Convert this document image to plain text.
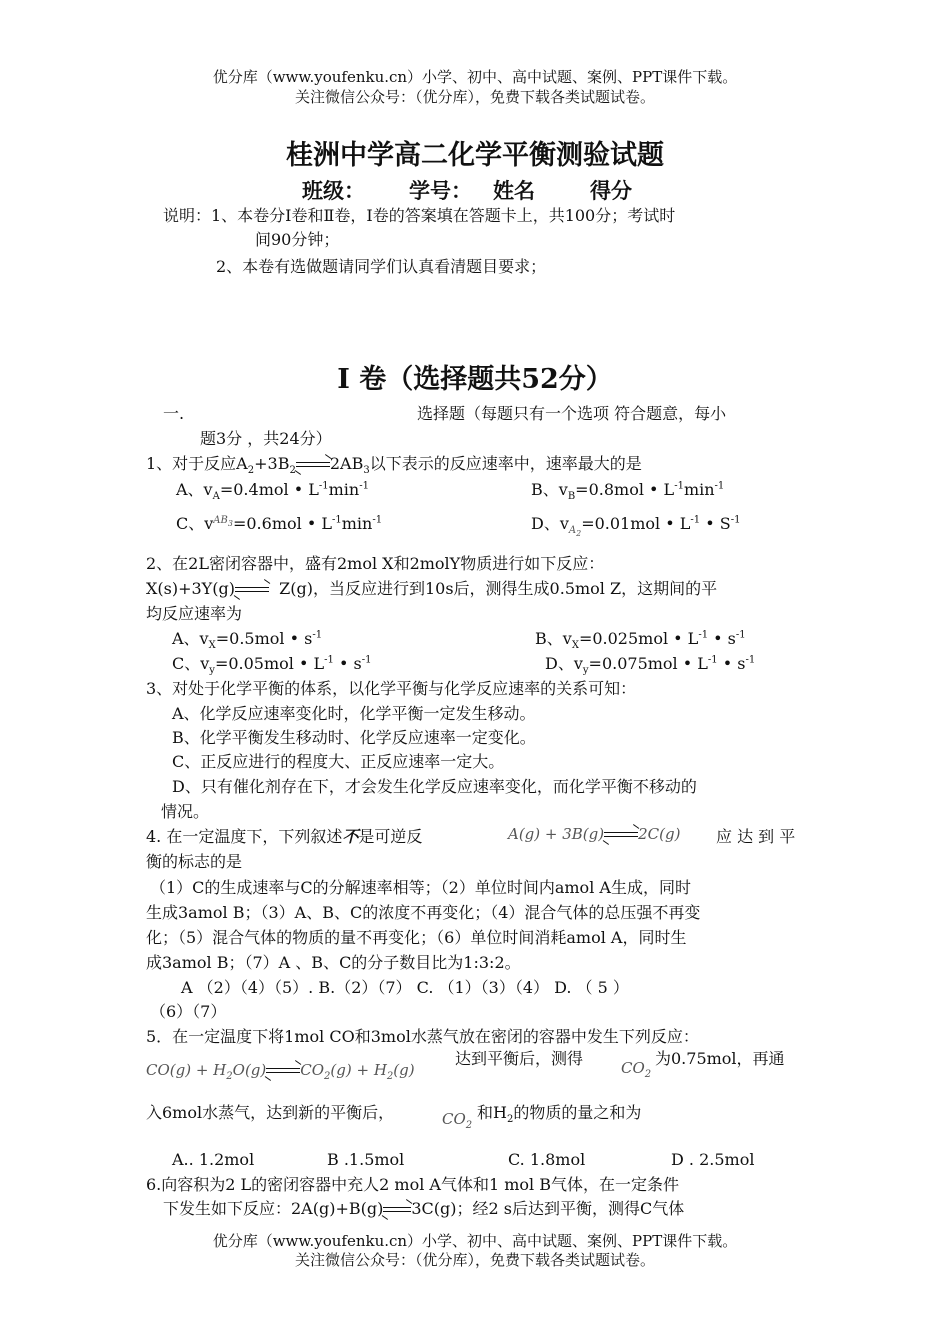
优分库（www.youfenku.cn）小学、初中、高中试题、案例、PPT课件下载。
关注微信公众号：（优分库），免费下载各类试题试卷。
桂洲中学高二化学平衡测验试题
班级： 学号： 姓名	得分
说明：1、本卷分Ⅰ卷和Ⅱ卷，Ⅰ卷的答案填在答题卡上，共100分；考试时
间90分钟；
2、本卷有选做题请同学们认真看清题目要求；
Ⅰ 卷（选择题共52分）
一.	选择题（每题只有一个选项 符合题意，每小
题3分 ，共24分）
1、对于反应$A_2+3B_2$ $2AB_3$以下表示的反应速率中，速率最大的是
A、$v_A=0.4mol$ • $L^{-1}\min^{-1}$	B、$v_B=0.8mol$ • $L^{-1}\min^{-1}$
C、$v^{AB_3}=0.6mol$ • $L^{-1}\min^{-1}$	D、$v_{A_2}=0.01mol$ • $L^{-1}$ • $S^{-1}$
2、在2L密闭容器中，盛有2mol X和2molY物质进行如下反应：
X(s)+3Y(g)	Z(g)，当反应进行到10s后，测得生成0.5mol Z，这期间的平
均反应速率为
A、$v_X=0.5mol$ • $s^{-1}$	B、$v_X=0.025mol$ • $L^{-1}$ • $s^{-1}$
C、$v_y=0.05mol$ • $L^{-1}$ • $s^{-1}$	D、$v_y=0.075mol$ • $L^{-1}$ • $s^{-1}$
3、对处于化学平衡的体系，以化学平衡与化学反应速率的关系可知：
A、化学反应速率变化时，化学平衡一定发生移动。
B、化学平衡发生移动时、化学反应速率一定变化。
C、正反应进行的程度大、正反应速率一定大。
D、只有催化剂存在下，才会发生化学反应速率变化，而化学平衡不移动的
情况。
4. 在一定温度下，下列叙述不是可逆反	A(g) + 3B(g) 2C(g) 应 达 到 平
衡的标志的是
（1）C的生成速率与C的分解速率相等；（2）单位时间内amol A生成，同时
生成3amol B；（3）A、B、C的浓度不再变化；（4）混合气体的总压强不再变
化；（5）混合气体的物质的量不再变化；（6）单位时间消耗amol A，同时生
成3amol B；（7）A 、B、C的分子数目比为1:3:2。
A （2）（4）（5）. B.（2）（7） C. （1）（3）（4） D. （ 5 ）
（6）（7）
5．在一定温度下将1mol CO和3mol水蒸气放在密闭的容器中发生下列反应：
$CO(g) + H_2O(g) CO_2(g) + H_2(g)$
达到平衡后，测得	$CO_2$
为0.75mol，再通
入6mol水蒸气，达到新的平衡后，	$CO_2$
和$H_2$的物质的量之和为
A.. 1.2mol	B .1.5mol	C. 1.8mol	D . 2.5mol
6.向容积为2 L的密闭容器中充人2 mol A气体和1 mol B气体，在一定条件
下发生如下反应：2A(g)+B(g) 3C(g)；经2 s后达到平衡，测得C气体
优分库（www.youfenku.cn）小学、初中、高中试题、案例、PPT课件下载。
关注微信公众号：（优分库），免费下载各类试题试卷。
